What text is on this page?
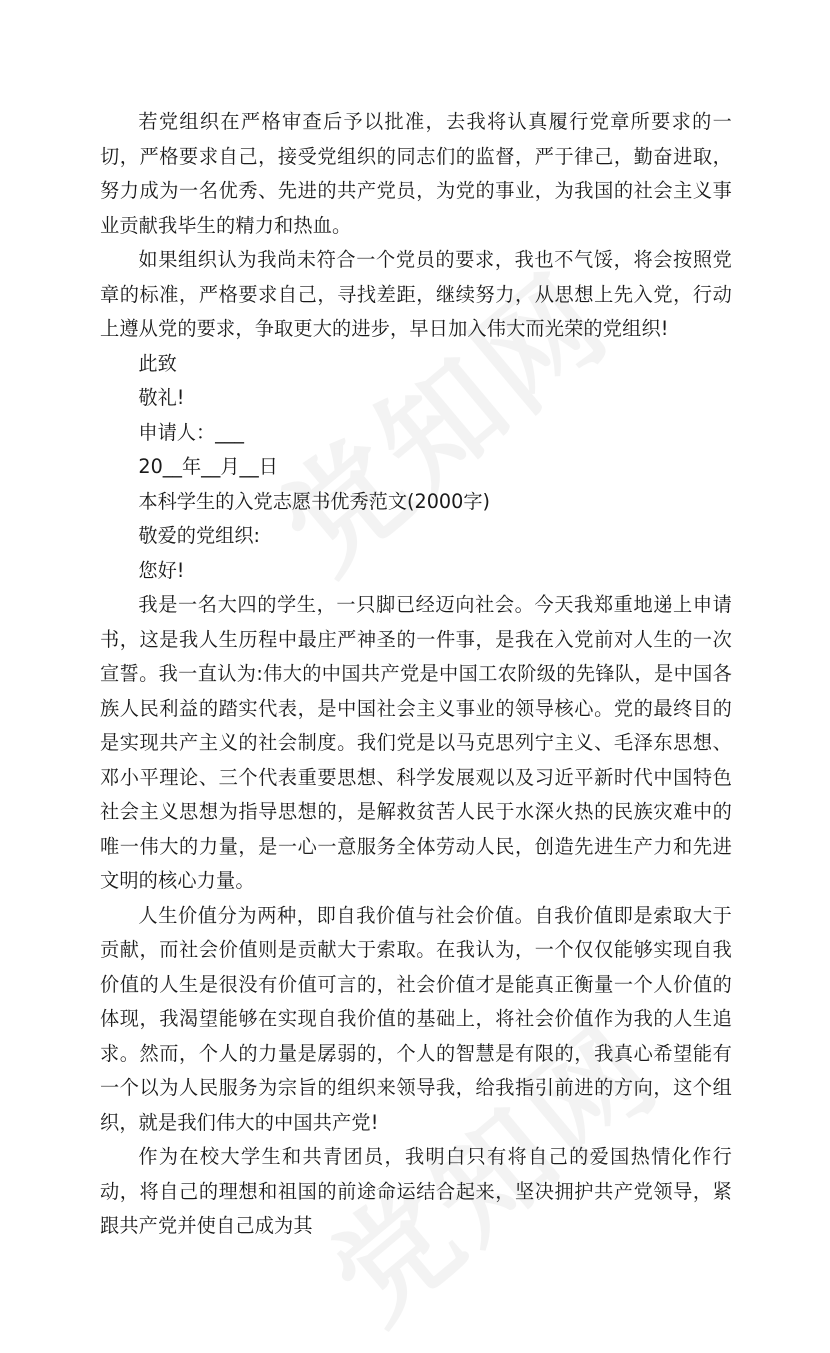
若党组织在严格审查后予以批准，去我将认真履行党章所要求的一切，严格要求自己，接受党组织的同志们的监督，严于律己，勤奋进取，努力成为一名优秀、先进的共产党员，为党的事业，为我国的社会主义事业贡献我毕生的精力和热血。

如果组织认为我尚未符合一个党员的要求，我也不气馁，将会按照党章的标准，严格要求自己，寻找差距，继续努力，从思想上先入党，行动上遵从党的要求，争取更大的进步，早日加入伟大而光荣的党组织!

此致

敬礼!

申请人：___

20__年__月__日

本科学生的入党志愿书优秀范文(2000字)

敬爱的党组织:

您好!

我是一名大四的学生，一只脚已经迈向社会。今天我郑重地递上申请书，这是我人生历程中最庄严神圣的一件事，是我在入党前对人生的一次宣誓。我一直认为:伟大的中国共产党是中国工农阶级的先锋队，是中国各族人民利益的踏实代表，是中国社会主义事业的领导核心。党的最终目的是实现共产主义的社会制度。我们党是以马克思列宁主义、毛泽东思想、邓小平理论、三个代表重要思想、科学发展观以及习近平新时代中国特色社会主义思想为指导思想的，是解救贫苦人民于水深火热的民族灾难中的唯一伟大的力量，是一心一意服务全体劳动人民，创造先进生产力和先进文明的核心力量。

人生价值分为两种，即自我价值与社会价值。自我价值即是索取大于贡献，而社会价值则是贡献大于索取。在我认为，一个仅仅能够实现自我价值的人生是很没有价值可言的，社会价值才是能真正衡量一个人价值的体现，我渴望能够在实现自我价值的基础上，将社会价值作为我的人生追求。然而，个人的力量是孱弱的，个人的智慧是有限的，我真心希望能有一个以为人民服务为宗旨的组织来领导我，给我指引前进的方向，这个组织，就是我们伟大的中国共产党!

作为在校大学生和共青团员，我明白只有将自己的爱国热情化作行动，将自己的理想和祖国的前途命运结合起来，坚决拥护共产党领导，紧跟共产党并使自己成为其
